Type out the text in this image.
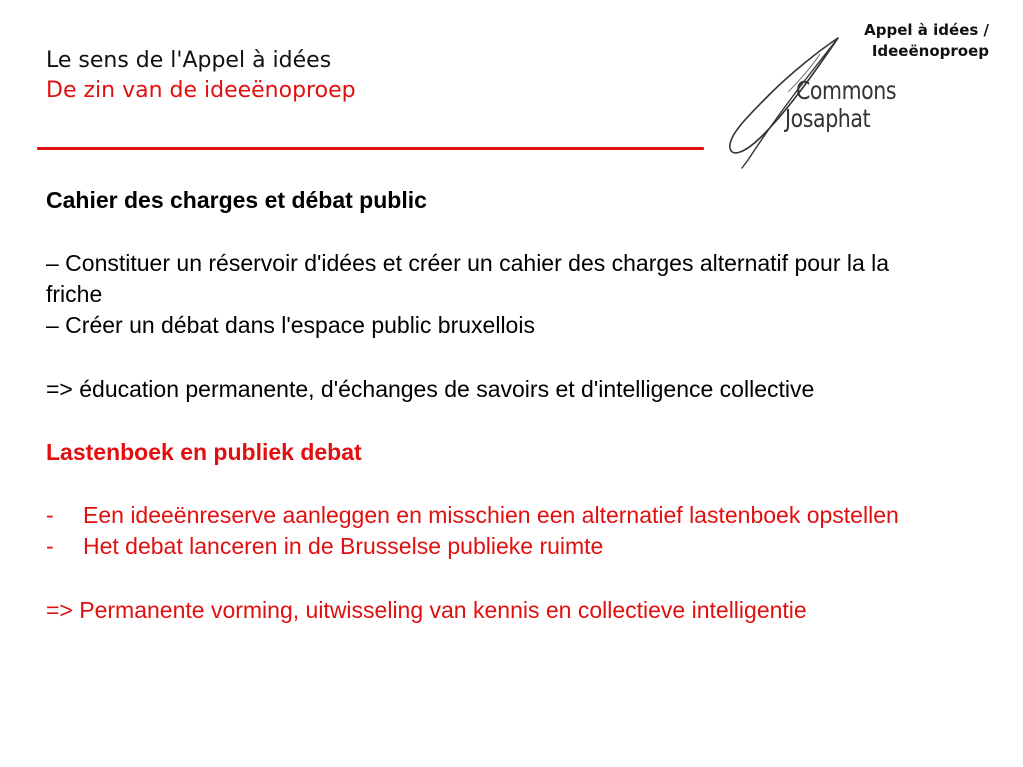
Le sens de l'Appel à idées
De zin van de ideeënoproep
Appel à idées /
Ideeënoproep
Commons
Josaphat

Cahier des charges et débat public

– Constituer un réservoir d'idées et créer un cahier des charges alternatif pour la la friche

– Créer un débat dans l'espace public bruxellois

=> éducation permanente, d'échanges de savoirs et d'intelligence collective

Lastenboek en publiek debat

- Een ideeënreserve aanleggen en misschien een alternatief lastenboek opstellen
- Het debat lanceren in de Brusselse publieke ruimte

=> Permanente vorming, uitwisseling van kennis en collectieve intelligentie
